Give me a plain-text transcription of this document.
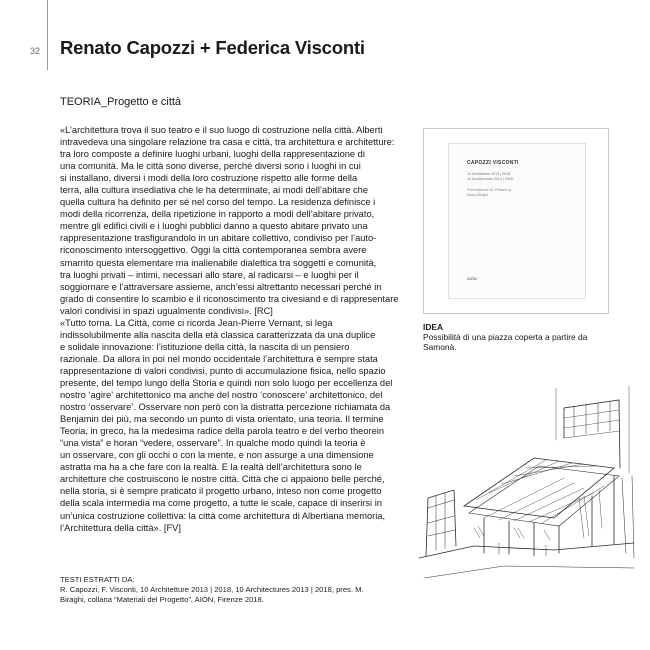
32 Renato Capozzi + Federica Visconti
TEORIA_Progetto e città

«L’architettura trova il suo teatro e il suo luogo di costruzione nella città. Alberti

intravedeva una singolare relazione tra casa e città, tra architettura e architetture:

tra loro composte a definire luoghi urbani, luoghi della rappresentazione di

una comunità. Ma le città sono diverse, perché diversi sono i luoghi in cui

si installano, diversi i modi della loro costruzione rispetto alle forme della

terra, alla cultura insediativa che le ha determinate, ai modi dell’abitare che

quella cultura ha definito per sé nel corso del tempo. La residenza definisce i

modi della ricorrenza, della ripetizione in rapporto a modi dell’abitare privato,

mentre gli edifici civili e i luoghi pubblici danno a questo abitare privato una

rappresentazione trasfigurandolo in un abitare collettivo, condiviso per l’auto-

riconoscimento intersoggettivo. Oggi la città contemporanea sembra avere

smarrito questa elementare ma inalienabile dialettica tra soggetti e comunità,

tra luoghi privati – intimi, necessari allo stare, al radicarsi – e luoghi per il

soggiornare e l’attraversare assieme, anch’essi altrettanto necessari perché in

grado di consentire lo scambio e il riconoscimento tra civesiand e di rappresentare

valori condivisi in spazi ugualmente condivisi». [RC]

«Tutto torna. La Città, come ci ricorda Jean-Pierre Vernant, si lega

indissolubilmente alla nascita della età classica caratterizzata da una duplice

e solidale innovazione: l’istituzione della città, la nascita di un pensiero

razionale. Da allora in poi nel mondo occidentale l’architettura è sempre stata

rappresentazione di valori condivisi, punto di accumulazione fisica, nello spazio

presente, del tempo lungo della Storia e quindi non solo luogo per eccellenza del

nostro ‘agire’ architettonico ma anche del nostro ‘conoscere’ architettonico, del

nostro ‘osservare’. Osservare non però con la distratta percezione richiamata da

Benjamin dei più, ma secondo un punto di vista orientato, una teoria. Il termine

Teoria, in greco, ha la medesima radice della parola teatro e del verbo theorein

“una vista” e horan “vedere, osservare”. In qualche modo quindi la teoria è

un osservare, con gli occhi o con la mente, e non assurge a una dimensione

astratta ma ha a che fare con la realtà. E la realtà dell’architettura sono le

architetture che costruiscono le nostre città. Città che ci appaiono belle perché,

nella storia, si è sempre praticato il progetto urbano, inteso non come progetto

della scala intermedia ma come progetto, a tutte le scale, capace di inserirsi in

un’unica costruzione collettiva: la città come architettura di Albertiana memoria,

l’Architettura della città». [FV]

TESTI ESTRATTI DA:

R. Capozzi, F. Visconti, 10 Architetture 2013 | 2018, 10 Architectures 2013 | 2018, pres. M.

Biraghi, collana “Materiali del Progetto”, AIÓN, Firenze 2018.

CAPOZZI VISCONTI
10 Architetture 2013 | 2018
10 Architectures 2013 | 2018
Presentazione di / Preface by
Marco Biraghi
AIÓN
IDEA
Possibilità di una piazza coperta a partire da Samonà.
